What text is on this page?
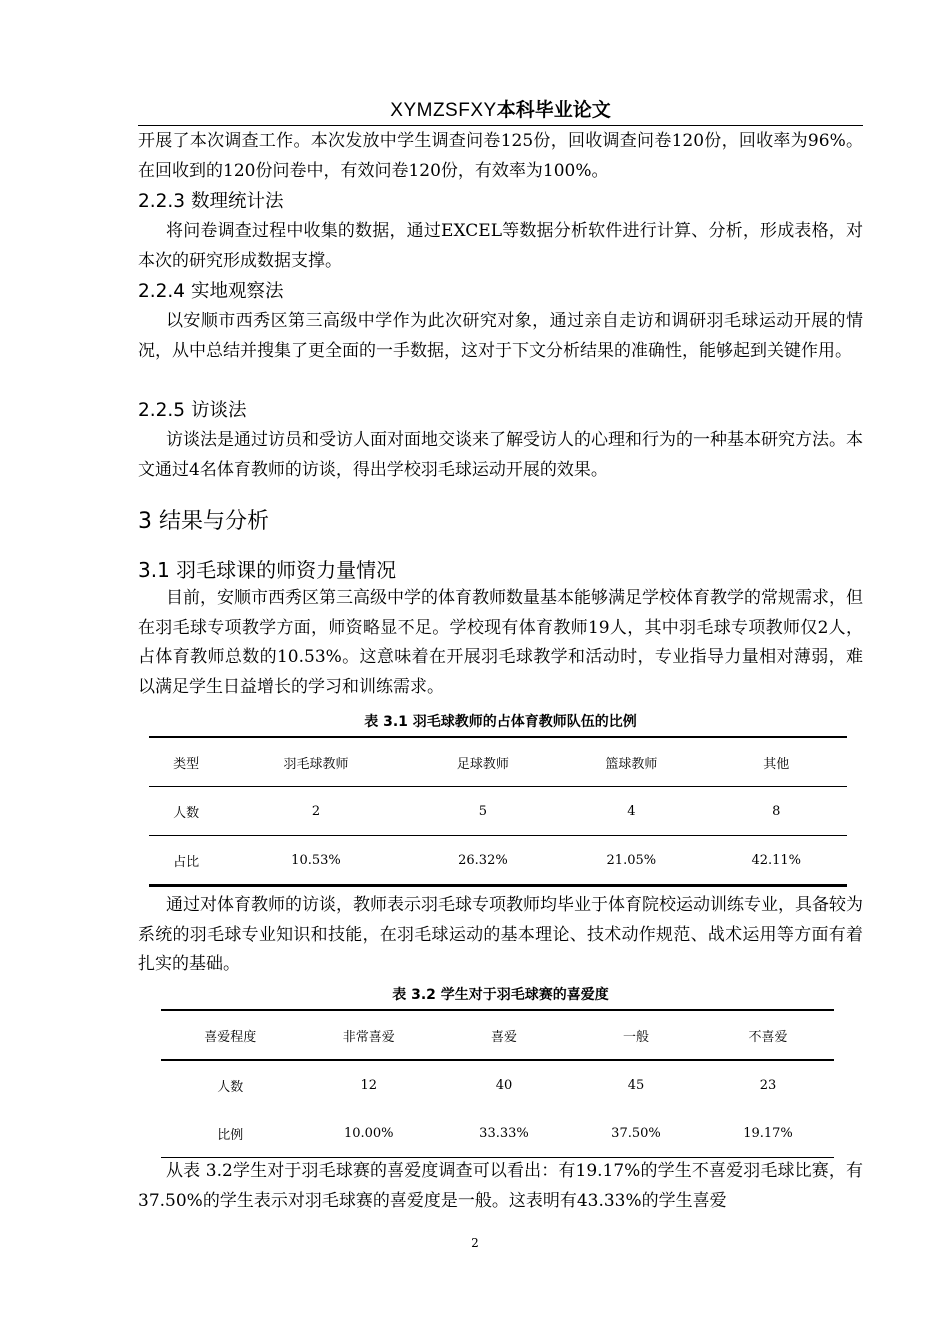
XYMZSFXY本科毕业论文

开展了本次调查工作。本次发放中学生调查问卷125份，回收调查问卷120份，回收率为96%。在回收到的120份问卷中，有效问卷120份，有效率为100%。

2.2.3 数理统计法

将问卷调查过程中收集的数据，通过EXCEL等数据分析软件进行计算、分析，形成表格，对本次的研究形成数据支撑。

2.2.4 实地观察法

以安顺市西秀区第三高级中学作为此次研究对象，通过亲自走访和调研羽毛球运动开展的情况，从中总结并搜集了更全面的一手数据，这对于下文分析结果的准确性，能够起到关键作用。

2.2.5 访谈法

访谈法是通过访员和受访人面对面地交谈来了解受访人的心理和行为的一种基本研究方法。本文通过4名体育教师的访谈，得出学校羽毛球运动开展的效果。

3 结果与分析
3.1 羽毛球课的师资力量情况

目前，安顺市西秀区第三高级中学的体育教师数量基本能够满足学校体育教学的常规需求，但在羽毛球专项教学方面，师资略显不足。学校现有体育教师19人，其中羽毛球专项教师仅2人，占体育教师总数的10.53%。这意味着在开展羽毛球教学和活动时，专业指导力量相对薄弱，难以满足学生日益增长的学习和训练需求。

表 3.1 羽毛球教师的占体育教师队伍的比例
类型	羽毛球教师	足球教师	篮球教师	其他
人数	2	5	4	8
占比	10.53%	26.32%	21.05%	42.11%

通过对体育教师的访谈，教师表示羽毛球专项教师均毕业于体育院校运动训练专业，具备较为系统的羽毛球专业知识和技能，在羽毛球运动的基本理论、技术动作规范、战术运用等方面有着扎实的基础。

表 3.2 学生对于羽毛球赛的喜爱度
喜爱程度	非常喜爱	喜爱	一般	不喜爱
人数	12	40	45	23
比例	10.00%	33.33%	37.50%	19.17%

从表 3.2学生对于羽毛球赛的喜爱度调查可以看出：有19.17%的学生不喜爱羽毛球比赛，有37.50%的学生表示对羽毛球赛的喜爱度是一般。这表明有43.33%的学生喜爱

2
